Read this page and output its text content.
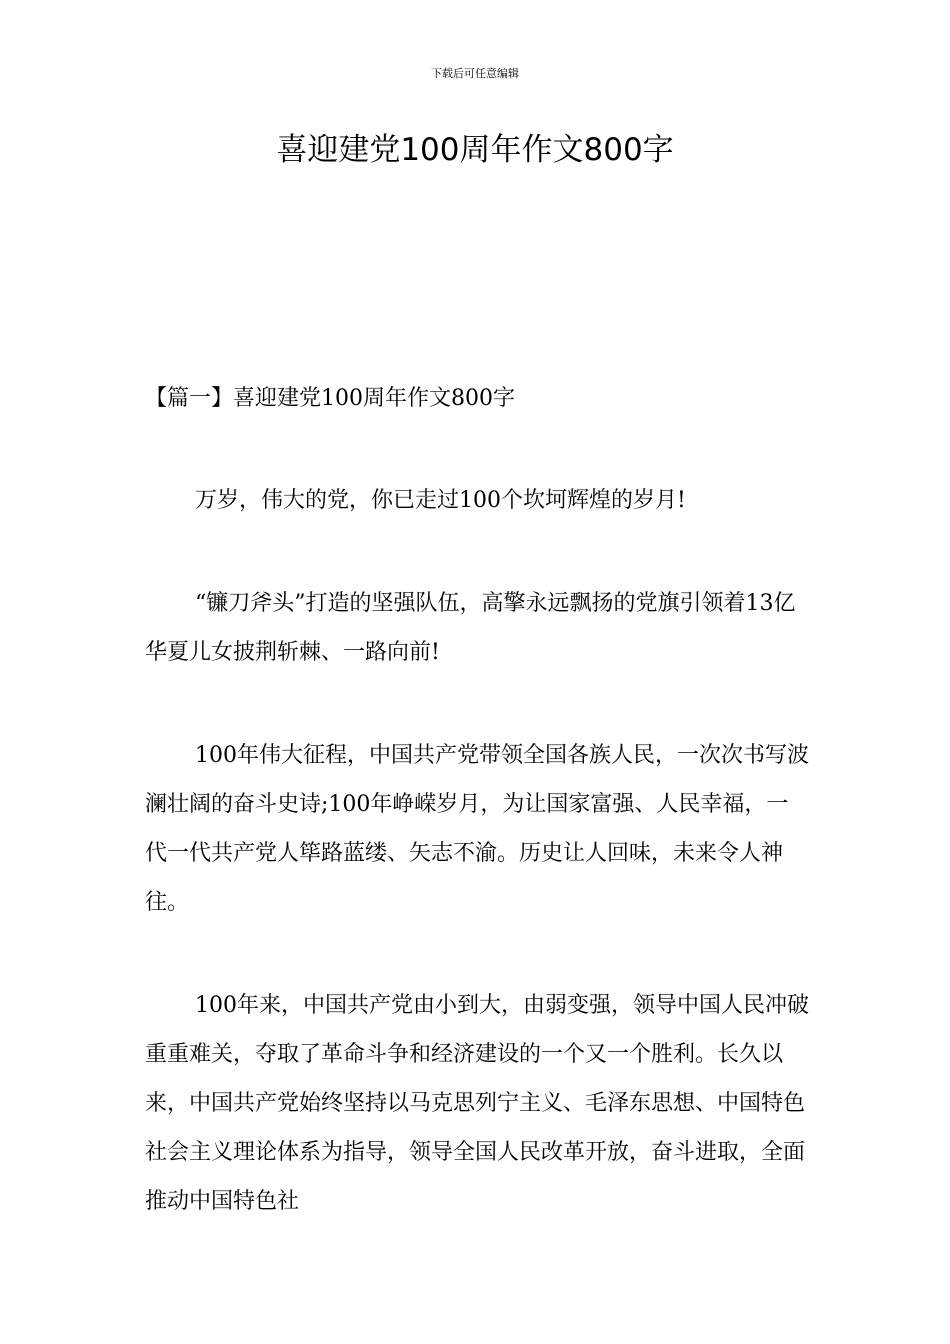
下载后可任意编辑
喜迎建党100周年作文800字

【篇一】喜迎建党100周年作文800字

万岁，伟大的党，你已走过100个坎坷辉煌的岁月!

“镰刀斧头”打造的坚强队伍，高擎永远飘扬的党旗引领着13亿华夏儿女披荆斩棘、一路向前!

100年伟大征程，中国共产党带领全国各族人民，一次次书写波澜壮阔的奋斗史诗;100年峥嵘岁月，为让国家富强、人民幸福，一代一代共产党人筚路蓝缕、矢志不渝。历史让人回味，未来令人神往。

100年来，中国共产党由小到大，由弱变强，领导中国人民冲破重重难关，夺取了革命斗争和经济建设的一个又一个胜利。长久以来，中国共产党始终坚持以马克思列宁主义、毛泽东思想、中国特色社会主义理论体系为指导，领导全国人民改革开放，奋斗进取，全面推动中国特色社
